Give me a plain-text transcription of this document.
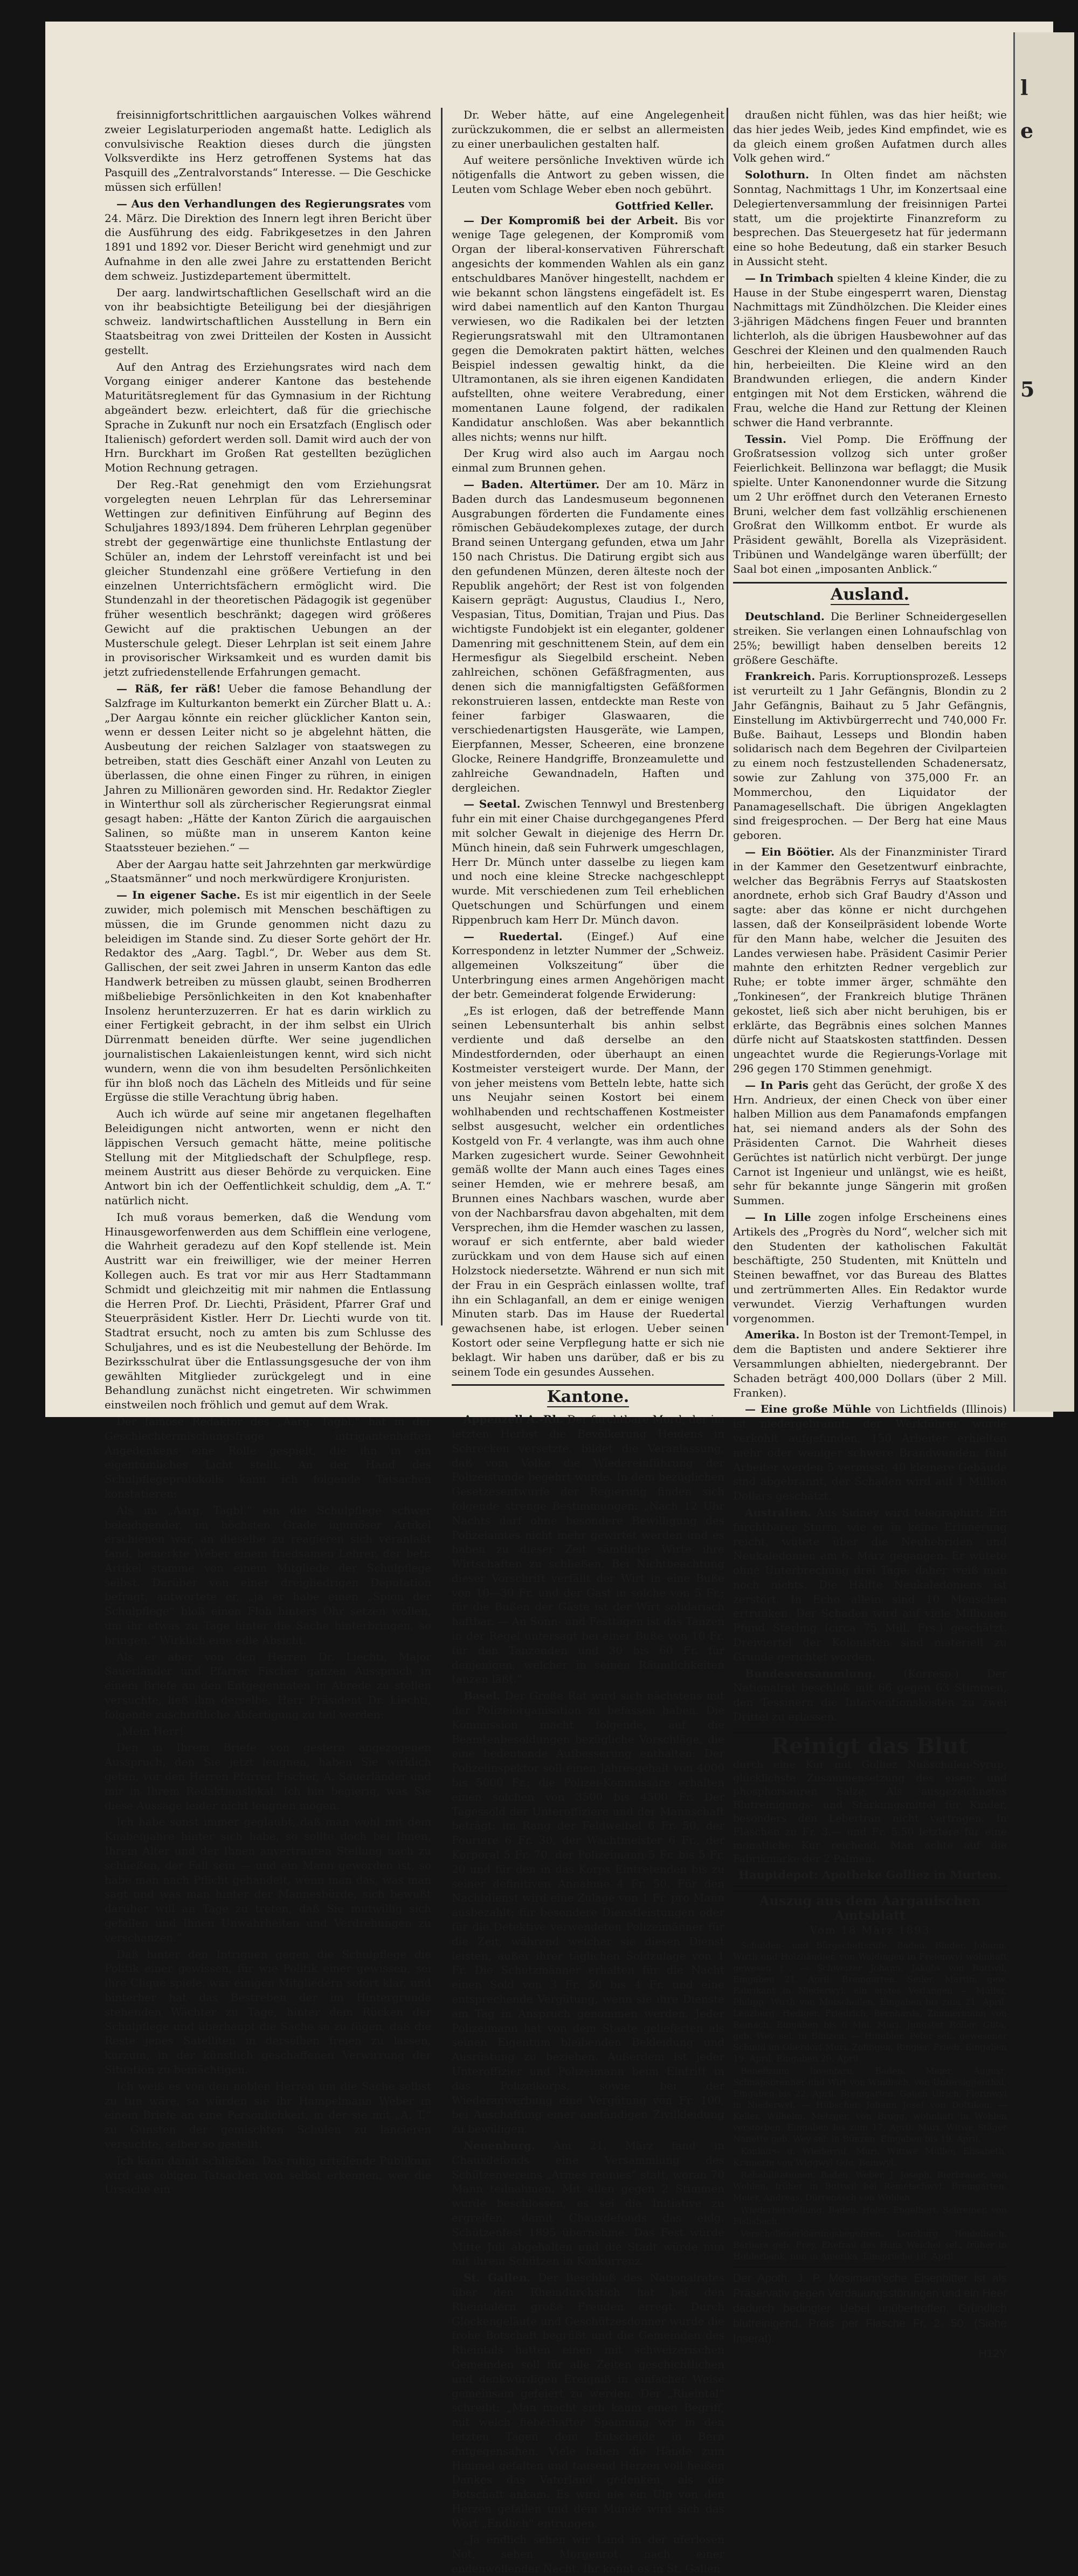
freisinnigfortschrittlichen aargauischen Volkes während zweier Legislaturperioden angemaßt hatte. Lediglich als convulsivische Reaktion dieses durch die jüngsten Volksverdikte ins Herz getroffenen Systems hat das Pasquill des „Zentralvorstands“ Interesse. — Die Geschicke müssen sich erfüllen!

— Aus den Verhandlungen des Regierungsrates vom 24. März. Die Direktion des Innern legt ihren Bericht über die Ausführung des eidg. Fabrikgesetzes in den Jahren 1891 und 1892 vor. Dieser Bericht wird genehmigt und zur Aufnahme in den alle zwei Jahre zu erstattenden Bericht dem schweiz. Justizdepartement übermittelt.

Der aarg. landwirtschaftlichen Gesellschaft wird an die von ihr beabsichtigte Beteiligung bei der diesjährigen schweiz. landwirtschaftlichen Ausstellung in Bern ein Staatsbeitrag von zwei Dritteilen der Kosten in Aussicht gestellt.

Auf den Antrag des Erziehungsrates wird nach dem Vorgang einiger anderer Kantone das bestehende Maturitätsreglement für das Gymnasium in der Richtung abgeändert bezw. erleichtert, daß für die griechische Sprache in Zukunft nur noch ein Ersatzfach (Englisch oder Italienisch) gefordert werden soll. Damit wird auch der von Hrn. Burckhart im Großen Rat gestellten bezüglichen Motion Rechnung getragen.

Der Reg.-Rat genehmigt den vom Erziehungsrat vorgelegten neuen Lehrplan für das Lehrerseminar Wettingen zur definitiven Einführung auf Beginn des Schuljahres 1893/1894. Dem früheren Lehrplan gegenüber strebt der gegenwärtige eine thunlichste Entlastung der Schüler an, indem der Lehrstoff vereinfacht ist und bei gleicher Stundenzahl eine größere Vertiefung in den einzelnen Unterrichtsfächern ermöglicht wird. Die Stundenzahl in der theoretischen Pädagogik ist gegenüber früher wesentlich beschränkt; dagegen wird größeres Gewicht auf die praktischen Uebungen an der Musterschule gelegt. Dieser Lehrplan ist seit einem Jahre in provisorischer Wirksamkeit und es wurden damit bis jetzt zufriedenstellende Erfahrungen gemacht.

— Räß, fer räß! Ueber die famose Behandlung der Salzfrage im Kulturkanton bemerkt ein Zürcher Blatt u. A.: „Der Aargau könnte ein reicher glücklicher Kanton sein, wenn er dessen Leiter nicht so je abgelehnt hätten, die Ausbeutung der reichen Salzlager von staatswegen zu betreiben, statt dies Geschäft einer Anzahl von Leuten zu überlassen, die ohne einen Finger zu rühren, in einigen Jahren zu Millionären geworden sind. Hr. Redaktor Ziegler in Winterthur soll als zürcherischer Regierungsrat einmal gesagt haben: „Hätte der Kanton Zürich die aargauischen Salinen, so müßte man in unserem Kanton keine Staatssteuer beziehen.“ —

Aber der Aargau hatte seit Jahrzehnten gar merkwürdige „Staatsmänner“ und noch merkwürdigere Kronjuristen.

— In eigener Sache. Es ist mir eigentlich in der Seele zuwider, mich polemisch mit Menschen beschäftigen zu müssen, die im Grunde genommen nicht dazu zu beleidigen im Stande sind. Zu dieser Sorte gehört der Hr. Redaktor des „Aarg. Tagbl.“, Dr. Weber aus dem St. Gallischen, der seit zwei Jahren in unserm Kanton das edle Handwerk betreiben zu müssen glaubt, seinen Brodherren mißbeliebige Persönlichkeiten in den Kot knabenhafter Insolenz herunterzuzerren. Er hat es darin wirklich zu einer Fertigkeit gebracht, in der ihm selbst ein Ulrich Dürrenmatt beneiden dürfte. Wer seine jugendlichen journalistischen Lakaienleistungen kennt, wird sich nicht wundern, wenn die von ihm besudelten Persönlichkeiten für ihn bloß noch das Lächeln des Mitleids und für seine Ergüsse die stille Verachtung übrig haben.

Auch ich würde auf seine mir angetanen flegelhaften Beleidigungen nicht antworten, wenn er nicht den läppischen Versuch gemacht hätte, meine politische Stellung mit der Mitgliedschaft der Schulpflege, resp. meinem Austritt aus dieser Behörde zu verquicken. Eine Antwort bin ich der Oeffentlichkeit schuldig, dem „A. T.“ natürlich nicht.

Ich muß voraus bemerken, daß die Wendung vom Hinausgeworfenwerden aus dem Schifflein eine verlogene, die Wahrheit geradezu auf den Kopf stellende ist. Mein Austritt war ein freiwilliger, wie der meiner Herren Kollegen auch. Es trat vor mir aus Herr Stadtammann Schmidt und gleichzeitig mit mir nahmen die Entlassung die Herren Prof. Dr. Liechti, Präsident, Pfarrer Graf und Steuerpräsident Kistler. Herr Dr. Liechti wurde von tit. Stadtrat ersucht, noch zu amten bis zum Schlusse des Schuljahres, und es ist die Neubestellung der Behörde. Im Bezirksschulrat über die Entlassungsgesuche der von ihm gewählten Mitglieder zurückgelegt und in eine Behandlung zunächst nicht eingetreten. Wir schwimmen einstweilen noch fröhlich und gemut auf dem Wrak.

Der famose Redaktor des „Aarg. Tagbl.“ hat in der Geschlechtermischungsfrage intrigantenhaften Angedenkens eine Rolle gespielt, die ihn in ein eigentümliches Licht stellt. An der Hand des Schulpflegeprotokolls kann ich folgende Tatsachen konstatieren:

Als im „Aarg. Tagbl.“ ein die Schulpflege schwer beleidigender, im höchsten Grade injuriöser Artikel erschienen war, an dieselbe zu reagieren sich veranlaßt fand, bemerkte Weber einem friedsamen Lehrer, der betr. Artikel stamme von einem Mitgliede der Schulpflege selbst. Darüber von einer dreigliedrigen Deputation befragt, antwortete er, „ja er habe einen „Spion der Schulpflege“ bloß einen Floh hinters Ohr setzen wollen, um ihr etwas zu Tage hinter die Sache hinterbringen, so bringen.“ Wirklich eine edle Absicht.

Als er aber von den Herren Dr. Liechti, Major Sauerländer und Pfarrer Fischer ganzen Ausspruch in einem Briefe an den Entgegennaten in Abrede zu stellen versuchte, ließ ihm derselbe, Herr Präsident Dr. Liechti, folgende zuschriftliche Abfertigung zu teil werden:

„Mein Herr!

Den in Ihrem Briefe von gestern angezogenen Ausspruch, den Sie jetzt leugnen, haben Sie wirklich getan, vor den Herren Pfarrer Fischer, A. Sauerländer und mir in Ihrem Redaktionslokal. Ich bin begierig, was Sie diese Aussage leider nicht leugnen mögen.

Ich habe sonst immer geglaubt, daß man wohl mit dem Knabenjahre hinter sich habe, so sollte doch bei Ihnen, Ihrem Alter und der Ihnen anvertrauten Stellung nach zu schließen, der Fall sein — und ein Mann geworden ist, so habe man nach Pflicht gehandelt, wenn man das, was man sagt und was man hinter der Mannesbürde, sich bewußt darüber will an Tage zu treten, daß Sie mutwillig sich gefallen und Ihnen Unwahrheiten und Verdrehungen zu verschanzen.“

Daß hinter den Intriguen gegen die Schulpflege die Politik einer gewissen, für wie Politik einer gewissen, sei ihre Clique spiele, war einigen Mitgliedern sofort klar, und hinterher hat das Bestreben der im Hintergrunde stehenden Wächter zu Tage, hinter dem Rücken der Schulpflege und überhaupt die Sache so zu fügen, daß die Reste jenes Satelliten in derselben freien zu lassen, kurzum, in der künstlich geschaffenen Verwirrung der Situation zu bemächtigen.

Ich weiß es von den noblen Herren um die Sache selbst zu tun wäre, so würden sie ihr Hampelmann Weber in einem Briefe an eine Persönlichkeit, in der sie mit „A. T.“ zu Gunsten der gemischten Schulen zu lancieren versuchte, selber so gestellt.

Ich kann damit schließen. Das ruhig urteilende Publikum wird aus obigen Tatsachen von selbst erkennen, wer die Ursache ein

Dr. Weber hätte, auf eine Angelegenheit zurückzukommen, die er selbst an allermeisten zu einer unerbaulichen gestalten half.

Auf weitere persönliche Invektiven würde ich nötigenfalls die Antwort zu geben wissen, die Leuten vom Schlage Weber eben noch gebührt.

Gottfried Keller.

— Der Kompromiß bei der Arbeit. Bis vor wenige Tage gelegenen, der Kompromiß vom Organ der liberal-konservativen Führerschaft angesichts der kommenden Wahlen als ein ganz entschuldbares Manöver hingestellt, nachdem er wie bekannt schon längstens eingefädelt ist. Es wird dabei namentlich auf den Kanton Thurgau verwiesen, wo die Radikalen bei der letzten Regierungsratswahl mit den Ultramontanen gegen die Demokraten paktirt hätten, welches Beispiel indessen gewaltig hinkt, da die Ultramontanen, als sie ihren eigenen Kandidaten aufstellten, ohne weitere Verabredung, einer momentanen Laune folgend, der radikalen Kandidatur anschloßen. Was aber bekanntlich alles nichts; wenns nur hilft.

Der Krug wird also auch im Aargau noch einmal zum Brunnen gehen.

— Baden. Altertümer. Der am 10. März in Baden durch das Landesmuseum begonnenen Ausgrabungen förderten die Fundamente eines römischen Gebäudekomplexes zutage, der durch Brand seinen Untergang gefunden, etwa um Jahr 150 nach Christus. Die Datirung ergibt sich aus den gefundenen Münzen, deren älteste noch der Republik angehört; der Rest ist von folgenden Kaisern geprägt: Augustus, Claudius I., Nero, Vespasian, Titus, Domitian, Trajan und Pius. Das wichtigste Fundobjekt ist ein eleganter, goldener Damenring mit geschnittenem Stein, auf dem ein Hermesfigur als Siegelbild erscheint. Neben zahlreichen, schönen Gefäßfragmenten, aus denen sich die mannigfaltigsten Gefäßformen rekonstruieren lassen, entdeckte man Reste von feiner farbiger Glaswaaren, die verschiedenartigsten Hausgeräte, wie Lampen, Eierpfannen, Messer, Scheeren, eine bronzene Glocke, Reinere Handgriffe, Bronzeamulette und zahlreiche Gewandnadeln, Haften und dergleichen.

— Seetal. Zwischen Tennwyl und Brestenberg fuhr ein mit einer Chaise durchgegangenes Pferd mit solcher Gewalt in diejenige des Herrn Dr. Münch hinein, daß sein Fuhrwerk umgeschlagen, Herr Dr. Münch unter dasselbe zu liegen kam und noch eine kleine Strecke nachgeschleppt wurde. Mit verschiedenen zum Teil erheblichen Quetschungen und Schürfungen und einem Rippenbruch kam Herr Dr. Münch davon.

— Ruedertal. (Eingef.) Auf eine Korrespondenz in letzter Nummer der „Schweiz. allgemeinen Volkszeitung“ über die Unterbringung eines armen Angehörigen macht der betr. Gemeinderat folgende Erwiderung:

„Es ist erlogen, daß der betreffende Mann seinen Lebensunterhalt bis anhin selbst verdiente und daß derselbe an den Mindestfordernden, oder überhaupt an einen Kostmeister versteigert wurde. Der Mann, der von jeher meistens vom Betteln lebte, hatte sich uns Neujahr seinen Kostort bei einem wohlhabenden und rechtschaffenen Kostmeister selbst ausgesucht, welcher ein ordentliches Kostgeld von Fr. 4 verlangte, was ihm auch ohne Marken zugesichert wurde. Seiner Gewohnheit gemäß wollte der Mann auch eines Tages eines seiner Hemden, wie er mehrere besaß, am Brunnen eines Nachbars waschen, wurde aber von der Nachbarsfrau davon abgehalten, mit dem Versprechen, ihm die Hemder waschen zu lassen, worauf er sich entfernte, aber bald wieder zurückkam und von dem Hause sich auf einen Holzstock niedersetzte. Während er nun sich mit der Frau in ein Gespräch einlassen wollte, traf ihn ein Schlaganfall, an dem er einige wenigen Minuten starb. Das im Hause der Ruedertal gewachsenen habe, ist erlogen. Ueber seinen Kostort oder seine Verpflegung hatte er sich nie beklagt. Wir haben uns darüber, daß er bis zu seinem Tode ein gesundes Aussehen.

Kantone.

Appenzell A.-Rh. Der furchtbare Mord, der im letzten Herbst die Bevölkerung Heidens in Schrecken versetzte, bildet die Veranlassung, daß vom Volke die Wiedereinführung der Polizeistunde begehrt wurde. In dem bezüglichen Gesetzesentwurfe der Regierung finden sich folgende strenge Bestimmungen: „Nach 12 Uhr Nachts darf ohne besondere Bewilligung des Polizeiamtes nicht mehr gewirtet werden und es haben zu dieser Zeit sämtliche Wirte ihre Wirtschaften zu schließen. Bei Nichtbeachtung dieser Vorschrift verfällt der Wirt in eine Buße von 10—30 Fr. und der Gast in solche von 5 Fr.; für die Bußen der Gäste ist der Wirt solidarisch haftbar. — An Sonn- und Festtagen ist das Tanzen in der Regel untersagt bei einer Buße von 10 Fr. für den Tanzenden und 30 bis 60 Fr. für denjenigen, welcher in seinen Räumlichkeiten tanzen läßt.“

Basel. Der Große Rat wird sich nächstens mit der Polizeiorganisation zu befassen haben. Die Kommission macht folgende, auf die Beamtenbesoldungen bezügliche Vorschläge, die eine bedeutende Aufbesserung enthalten: Der Polizeiinspektor soll einen Jahresgehalt von 4000 bis 5000 Fr.; die Polizei-Kommissäre erhalten einen solchen von 3500 bis 4500 Fr. Der Tagessold der Unteroffiziere und der Mannschaft beträgt: im Rang der Feldweibel 6 Fr. 50, der Fouriere 6 Fr. 30, der Wachtmeister 6 Fr., der Korporal 5 Fr. 70, der Polizeimann 5 Fr. bis 5 Fr. 20 und für den in das Korps Eintretenden bis zu seiner definitiven Annahme 4 Fr. 50. Für den Nachtdienst wird eine Zulage von 1 Fr. pro Mann ausbezahlt; für besondere Dienstleistungen oder für die Detektive verwendeten Polizeimänner für die Zeit, während welcher sie diesen Dienst leisten, außer ihrer täglichen Soldzulage von 1 Fr. Die Schutzmänner erhalten für die Nacht einen Sold von 3 Fr. 50 bis 4 Fr. und eine entsprechende Vergütung, wenn sie ihre Dienste am Tag in Anspruch genommen werden. Jeder Polizeimann hat von dem Staate gelieferten als seinen Eigentum bleibenden Bekleidung und Ausrüstung zu beziehen. Außerdem ist jeder Unteroffizier und Polizeimann beim Eintritt in das Polizeikorps, sowie bei der Wiederanwerbung eine Vergütung von Fr. 100, bei Anschaffung einer anständigen Zivilkleidung zu bewilligen.

Neuenburg. Am 21. März fand in Chauxdefonds eine Versammlung des Schützenvereins „Armes reunies“ statt, woran 70 Mann teilnahmen. Mit allen gegen 2 Stimmen wurde beschlossen, es sei die Initiative zu ergreifen, damit Chauxdefonds das eidg. Schützenfest 1895 übernehme. Das Fest würde Mitte Juli abgehalten und die Stadt würde nun mit ihrem Schützen in Konkurrenz.

St. Gallen. Der Beschluß des Nationalrates über den Rheindurchstich hat bei den Rheintalern große Freuden erregt. Durch Glockengeläute und Geschützesdonner wurde die frohe Botschaft begrüßt und die Gemeinden des Rheintals hatten einen mit schweizerischen Gemeinden soll für alle Zeiten geschichtlichen und denkwürdigen Ereigniß in einfacher Weise gemeinsam gefeiert zu werden. Der „Rheintal“ schreibt: „Man macht sich kaum einen Begriff, mit welch fieberhafter Spannung wir in den letzten Tagen dem Entscheide in Bern entgegensahen. Viele haben die Hände zum Himmel gefalten und tausend Herzen voll heißen Dankes das Vaterland gedenken, als die Botschaft ankam. Es wird nie ein Ulp von den Herzen gefallen und dem Munde wird sich das Wort „Endlich“ entrungen.

„Ja endlich sehen wir Land in der uferlosen Not, sehen Morgenrot nach einer endenwollender Nacht. Ihr könnt es in St. Gallen

draußen nicht fühlen, was das hier heißt; wie das hier jedes Weib, jedes Kind empfindet, wie es da gleich einem großen Aufatmen durch alles Volk gehen wird.“

Solothurn. In Olten findet am nächsten Sonntag, Nachmittags 1 Uhr, im Konzertsaal eine Delegiertenversammlung der freisinnigen Partei statt, um die projektirte Finanzreform zu besprechen. Das Steuergesetz hat für jedermann eine so hohe Bedeutung, daß ein starker Besuch in Aussicht steht.

— In Trimbach spielten 4 kleine Kinder, die zu Hause in der Stube eingesperrt waren, Dienstag Nachmittags mit Zündhölzchen. Die Kleider eines 3-jährigen Mädchens fingen Feuer und brannten lichterloh, als die übrigen Hausbewohner auf das Geschrei der Kleinen und den qualmenden Rauch hin, herbeieilten. Die Kleine wird an den Brandwunden erliegen, die andern Kinder entgingen mit Not dem Ersticken, während die Frau, welche die Hand zur Rettung der Kleinen schwer die Hand verbrannte.

Tessin. Viel Pomp. Die Eröffnung der Großratsession vollzog sich unter großer Feierlichkeit. Bellinzona war beflaggt; die Musik spielte. Unter Kanonendonner wurde die Sitzung um 2 Uhr eröffnet durch den Veteranen Ernesto Bruni, welcher dem fast vollzählig erschienenen Großrat den Willkomm entbot. Er wurde als Präsident gewählt, Borella als Vizepräsident. Tribünen und Wandelgänge waren überfüllt; der Saal bot einen „imposanten Anblick.“

Ausland.

Deutschland. Die Berliner Schneidergesellen streiken. Sie verlangen einen Lohnaufschlag von 25%; bewilligt haben denselben bereits 12 größere Geschäfte.

Frankreich. Paris. Korruptionsprozeß. Lesseps ist verurteilt zu 1 Jahr Gefängnis, Blondin zu 2 Jahr Gefängnis, Baihaut zu 5 Jahr Gefängnis, Einstellung im Aktivbürgerrecht und 740,000 Fr. Buße. Baihaut, Lesseps und Blondin haben solidarisch nach dem Begehren der Civilparteien zu einem noch festzustellenden Schadenersatz, sowie zur Zahlung von 375,000 Fr. an Mommerchou, den Liquidator der Panamagesellschaft. Die übrigen Angeklagten sind freigesprochen. — Der Berg hat eine Maus geboren.

— Ein Böötier. Als der Finanzminister Tirard in der Kammer den Gesetzentwurf einbrachte, welcher das Begräbnis Ferrys auf Staatskosten anordnete, erhob sich Graf Baudry d'Asson und sagte: aber das könne er nicht durchgehen lassen, daß der Konseilpräsident lobende Worte für den Mann habe, welcher die Jesuiten des Landes verwiesen habe. Präsident Casimir Perier mahnte den erhitzten Redner vergeblich zur Ruhe; er tobte immer ärger, schmähte den „Tonkinesen“, der Frankreich blutige Thränen gekostet, ließ sich aber nicht beruhigen, bis er erklärte, das Begräbnis eines solchen Mannes dürfe nicht auf Staatskosten stattfinden. Dessen ungeachtet wurde die Regierungs-Vorlage mit 296 gegen 170 Stimmen genehmigt.

— In Paris geht das Gerücht, der große X des Hrn. Andrieux, der einen Check von über einer halben Million aus dem Panamafonds empfangen hat, sei niemand anders als der Sohn des Präsidenten Carnot. Die Wahrheit dieses Gerüchtes ist natürlich nicht verbürgt. Der junge Carnot ist Ingenieur und unlängst, wie es heißt, sehr für bekannte junge Sängerin mit großen Summen.

— In Lille zogen infolge Erscheinens eines Artikels des „Progrès du Nord“, welcher sich mit den Studenten der katholischen Fakultät beschäftigte, 250 Studenten, mit Knütteln und Steinen bewaffnet, vor das Bureau des Blattes und zertrümmerten Alles. Ein Redaktor wurde verwundet. Vierzig Verhaftungen wurden vorgenommen.

Amerika. In Boston ist der Tremont-Tempel, in dem die Baptisten und andere Sektierer ihre Versammlungen abhielten, niedergebrannt. Der Schaden beträgt 400,000 Dollars (über 2 Mill. Franken).

— Eine große Mühle von Lichtfields (Illinois) ist niedergebrannt; der Werkführer wurde verkohlt aufgefunden, 150 Arbeiter erhielten mehr oder weniger schwere Brandwunden; fünf Arbeiter werden 5 vermisst; 40 kleinere Gebäude sind abgebrannt, der Schaden wird auf 1 Million Dollars geschätzt.

Australien. Aus Sidney wird telegraphirt: Ein furchtbarer Sturm, wie er in keine Erinnerung reicht, wütete über die Neuhebriden und Neukaledonien am 6. März gegangen. Er wütete ohne Unterbrechung drei Tage; daher weiß man noch nichts. Die Hälfte Neukaledoniens ist zerstört. In Echo allein sind 10 Menschen ertrunken. Der Schaden wird auf viele Millionen Pfund Sterling (circa 75 Mill. Frs.) geschätzt. Dreiviertel der Kolonisten sind materiell zu Grunde gerichtet worden.

Bundesversammlung. (Korresp.) Der Nationalrat beschloß mit 66 gegen 63 Stimmen, den Tessinern die Interventionskosten zu zwei Drittel zu erlassen.

Reinigt das Blut
durch eine Kur mit Golliez Nußschalen-Syrup, glücklichste Zusammensetzung des eisen- und phosphorsauren Salze. Als ausgezeichnetes Blutreinigungs- und Stärkungsmittel für Kinder, besonders den Lebertran nicht vertragen. In Flaschen zu Fr. 3.— und Fr. 5.50 letztere für eine monatliche Kur reichend. Man achte auf die Fabrikmarke der 2 Palmen.
Hauptdepot: Apotheke Golliez in Murten.
Auszug aus dem Aargauischen Amtsblatt
Vom 18 März 1893

Schulden- und Bürgschaftsrufe. Baden. Binder, Johann, Wirth und Holzhändler, von Waldingen in Freienwyl wohnhaft gewesen †. — Schweizer Johann, Jakobs von Buttwil, Eingaben 21. April. Bremgarten. Seiler, Martin, gew. Fabrikant in Niederwyl; ein erstes Verlangen — Müller, Philipp, Wirth von Mutschellen. Eingaben bis zum 21. April. Lenzburg. Hediger, Friedrich, Bernhards, Zimmermann von Reinach. Eingaben bis 6 Mai. Muri. Jungster Röller, Gilta, geb. Wey sel. in Bünzen. — Humbler, Peter sel., gewesener Schmid im Oberdorf Muri. Zofingen, Ringier, Friedr. Eingaben 19. April. Eingaben 29. April.

Benefizium Inventarii. Baden. Meier, August, Schnapsbrenner und Wirt von Windisch, von Untersiggenthal, Eingaben bis 22. April. Bremgarten. Gauch Ulrich, Florinwyl in Niederwyl. — Hübscher, Johann Josef von Dottikon. — Keller, Wilhelm, Metzger, von Brugg, wohnhaft in Wohlen verstorben. Eingaben bis zum 17. April. Muri. Witwe Stäger Nanette geb. Wey sel. in Bünzen. Eingaben bis 19. April.

Konkurs- u. Wiederruf. Muri. Wittwe Müller, Elisabeth, Krämerin von Wiggwyl Gde. Beinwyl.

Rehabilitationen. Baden. Weber, J. Joseph, Bierbrauer, von Wohlen, früher in Buttwil bei Remetschwyl. Bremgarten. Meier, Andreas, Dürrenäsch von Wohlen.

Wiederherstellung. Baden. Hofer, Engelbert, Schreiner, von Fislisbach.

Verschollenerklärungsbegehren. Lenzburg. Heidelbach, Barbara geb. Frey, Ehefrau des Hans Weichel sel., früher in Holderbank, nun in Amerika. Einsprüche 18. April.

Der Apoth. J. P. Mosimann'sche Eisenbitter ist als Präservativ gegen Verdauungsstörungen und ein Heer dadurch bedingter Uebel unübertroffen. Gründlich blutreinigend. Preis per Flasche Fr. 2. 50. (Siehe Inserat).
H12Y
l
e
5
